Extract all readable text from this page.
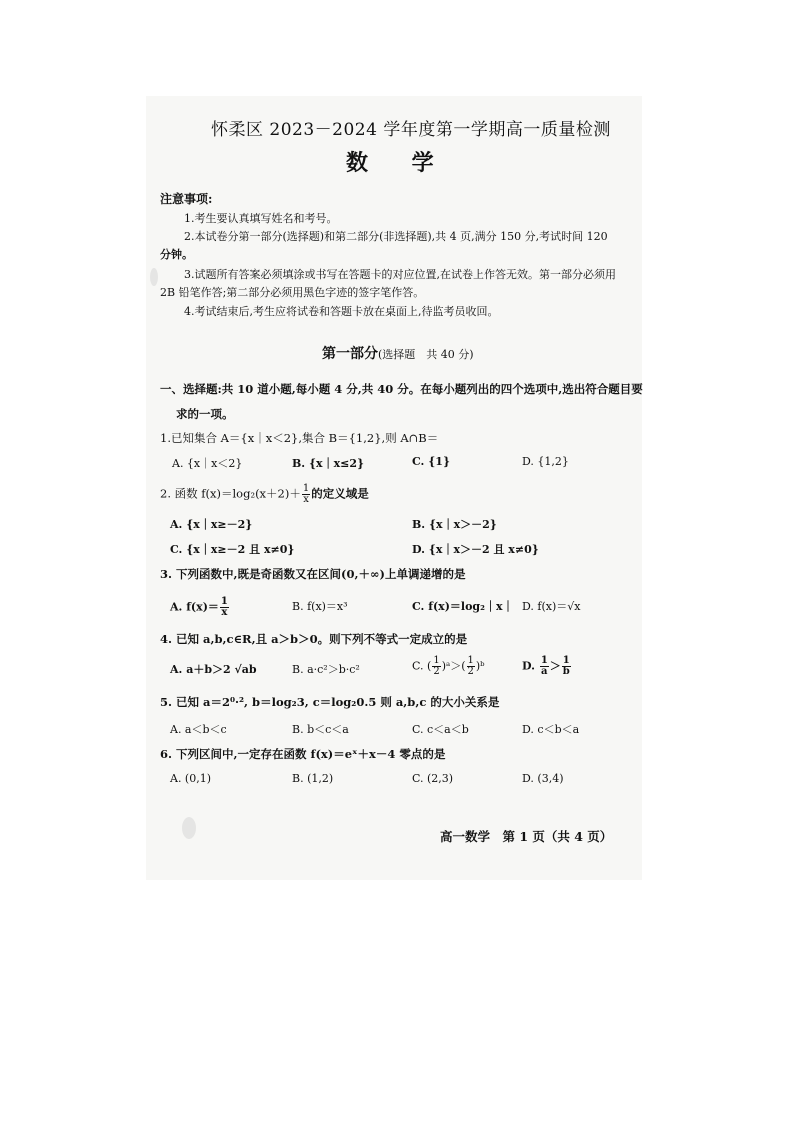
怀柔区 2023－2024 学年度第一学期高一质量检测
数 学
注意事项:
1.考生要认真填写姓名和考号。
2.本试卷分第一部分(选择题)和第二部分(非选择题),共 4 页,满分 150 分,考试时间 120
分钟。
3.试题所有答案必须填涂或书写在答题卡的对应位置,在试卷上作答无效。第一部分必须用
2B 铅笔作答;第二部分必须用黑色字迹的签字笔作答。
4.考试结束后,考生应将试卷和答题卡放在桌面上,待监考员收回。
第一部分(选择题　共 40 分)
一、选择题:共 10 道小题,每小题 4 分,共 40 分。在每小题列出的四个选项中,选出符合题目要
求的一项。
1.已知集合 A＝{x｜x＜2},集合 B＝{1,2},则 A∩B＝
A. {x｜x＜2}	B. {x｜x≤2}	C. {1}	D. {1,2}
2. 函数 $f(x)=\log_2(x+2)+ \frac{1}{x}$ 的定义域是
A. {x｜x≥－2}	B. {x｜x＞－2}
C. {x｜x≥－2 且 x≠0}	D. {x｜x＞－2 且 x≠0}
3. 下列函数中,既是奇函数又在区间(0,＋∞)上单调递增的是
A. $f(x)= \frac{1}{x}$	B. f(x)＝x³	C. f(x)＝log₂｜x｜ D. f(x)＝√x
4. 已知 a,b,c∈R,且 a＞b＞0。则下列不等式一定成立的是
A. a＋b＞2 √ab	B. a·c²＞b·c²	C. ( $\frac{1}{2}$ )ᵃ＞( $\frac{1}{2}$ )ᵇ	D. $\frac{1}{a} > \frac{1}{b}$
5. 已知 a＝2⁰·², b＝log₂3, c＝log₂0.5 则 a,b,c 的大小关系是
A. a＜b＜c	B. b＜c＜a	C. c＜a＜b	D. c＜b＜a
6. 下列区间中,一定存在函数 f(x)＝eˣ＋x－4 零点的是
A. (0,1)	B. (1,2)	C. (2,3)	D. (3,4)
高一数学　第 1 页（共 4 页）
